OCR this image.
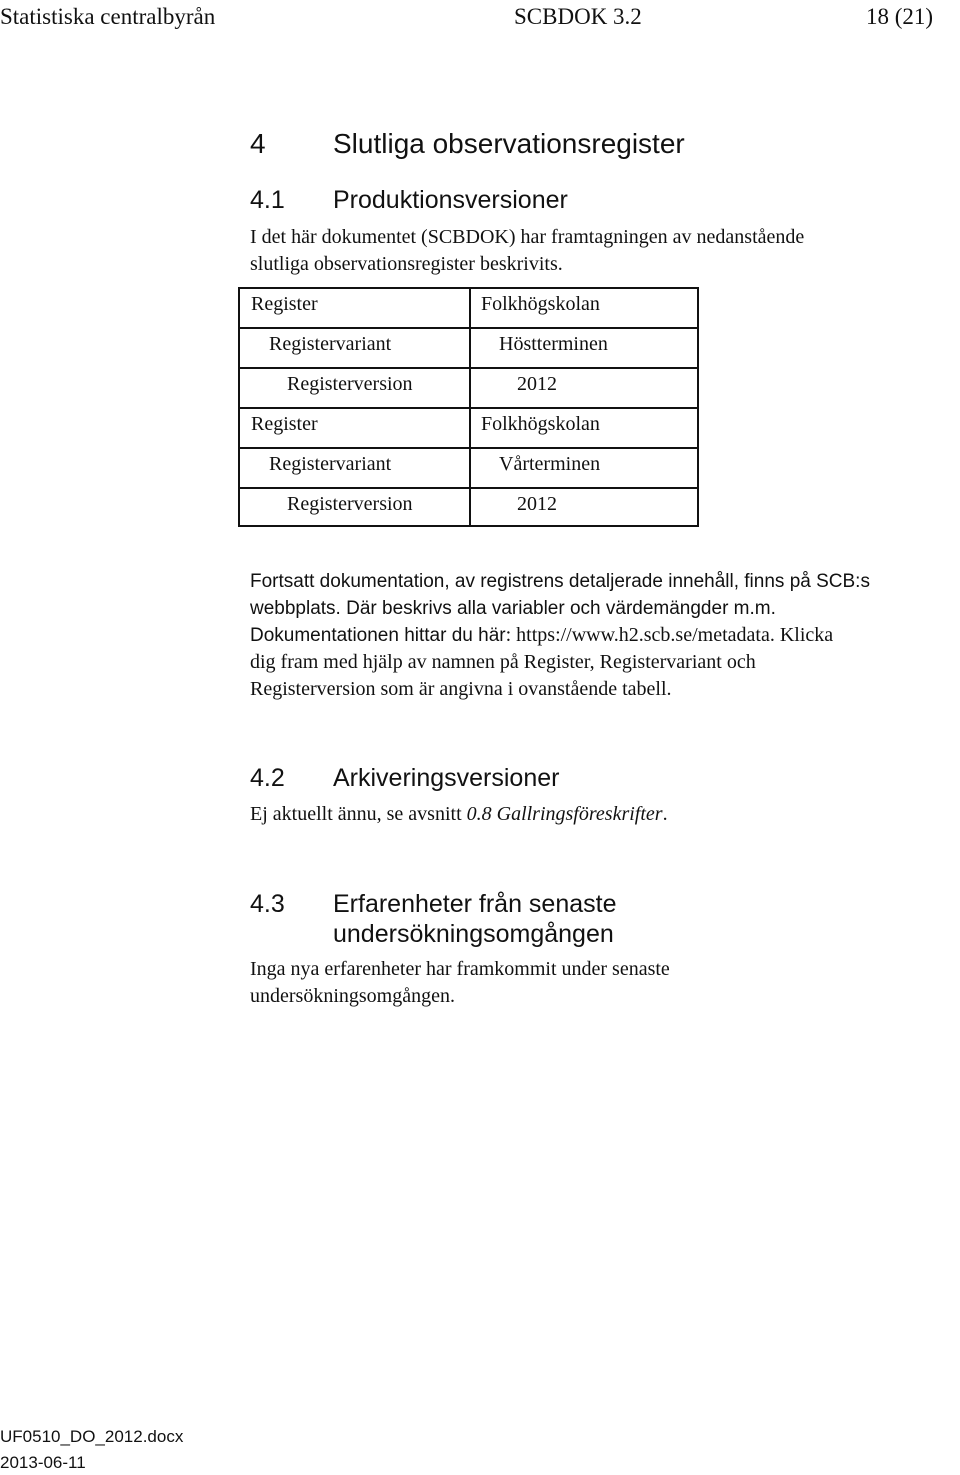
Statistiska centralbyrån	SCBDOK 3.2	18 (21)
4 Slutliga observationsregister
4.1 Produktionsversioner
I det här dokumentet (SCBDOK) har framtagningen av nedanstående
slutliga observationsregister beskrivits.
Register	Folkhögskolan
Registervariant	Höstterminen
Registerversion	2012
Register	Folkhögskolan
Registervariant	Vårterminen
Registerversion	2012
Fortsatt dokumentation, av registrens detaljerade innehåll, finns på SCB:s
webbplats. Där beskrivs alla variabler och värdemängder m.m.
Dokumentationen hittar du här: https://www.h2.scb.se/metadata. Klicka
dig fram med hjälp av namnen på Register, Registervariant och
Registerversion som är angivna i ovanstående tabell.
4.2 Arkiveringsversioner
Ej aktuellt ännu, se avsnitt 0.8 Gallringsföreskrifter.
4.3 Erfarenheter från senaste
undersökningsomgången
Inga nya erfarenheter har framkommit under senaste
undersökningsomgången.
UF0510_DO_2012.docx
2013-06-11
